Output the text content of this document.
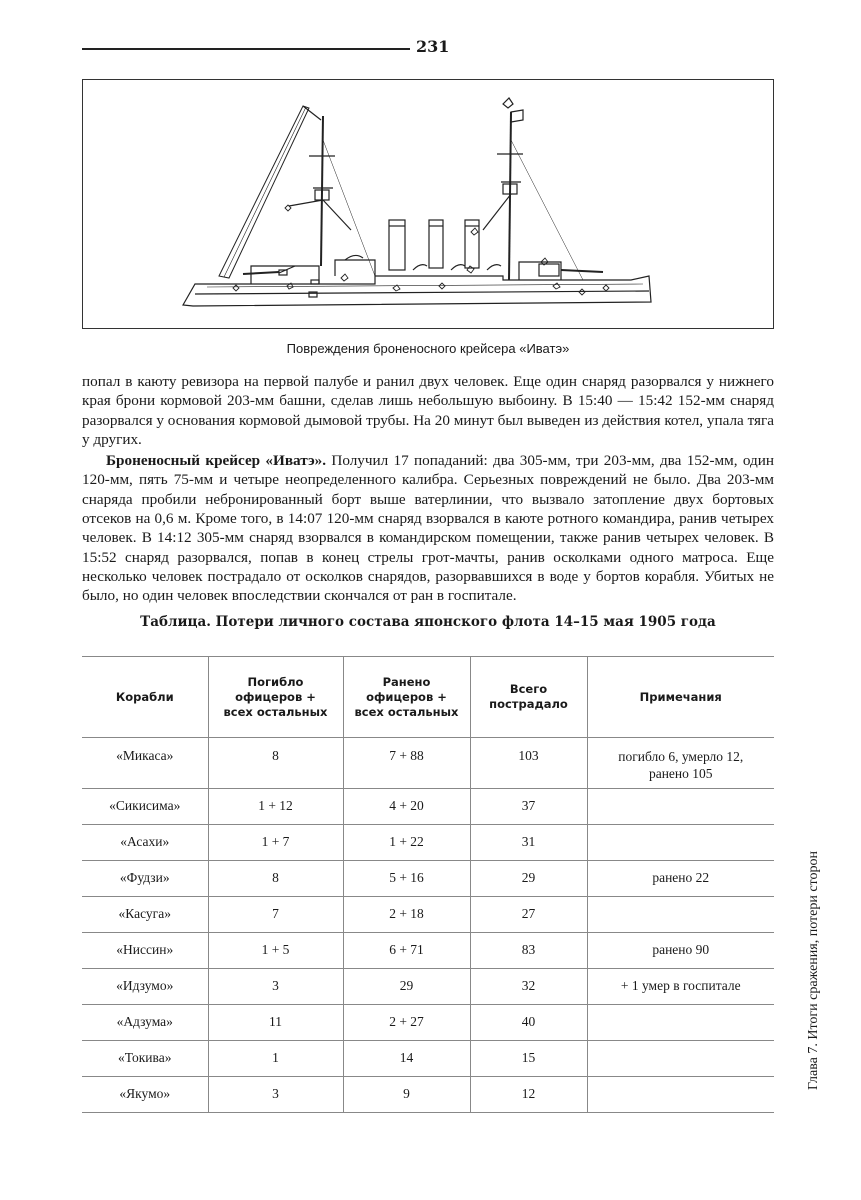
231
Повреждения броненосного крейсера «Иватэ»

попал в каюту ревизора на первой палубе и ранил двух человек. Еще один снаряд разорвался у нижнего края брони кормовой 203-мм башни, сделав лишь небольшую выбоину. В 15:40 — 15:42 152-мм снаряд разорвался у основания кормовой дымовой трубы. На 20 минут был выведен из действия котел, упала тяга у других.

Броненосный крейсер «Иватэ». Получил 17 попаданий: два 305-мм, три 203-мм, два 152-мм, один 120-мм, пять 75-мм и четыре неопределенного калибра. Серьезных повреждений не было. Два 203-мм снаряда пробили небронированный борт выше ватерлинии, что вызвало затопление двух бортовых отсеков на 0,6 м. Кроме того, в 14:07 120-мм снаряд взорвался в каюте ротного командира, ранив четырех человек. В 14:12 305-мм снаряд взорвался в командирском помещении, также ранив четырех человек. В 15:52 снаряд разорвался, попав в конец стрелы грот-мачты, ранив осколками одного матроса. Еще несколько человек пострадало от осколков снарядов, разорвавшихся в воде у бортов корабля. Убитых не было, но один человек впоследствии скончался от ран в госпитале.

Таблица. Потери личного состава японского флота 14–15 мая 1905 года
Корабли	Погибло
офицеров +
всех остальных	Ранено
офицеров +
всех остальных	Всего
пострадало	Примечания
«Микаса»	8	7 + 88	103	погибло 6, умерло 12,
ранено 105
«Сикисима»	1 + 12	4 + 20	37	
«Асахи»	1 + 7	1 + 22	31	
«Фудзи»	8	5 + 16	29	ранено 22
«Касуга»	7	2 + 18	27	
«Ниссин»	1 + 5	6 + 71	83	ранено 90
«Идзумо»	3	29	32	+ 1 умер в госпитале
«Адзума»	11	2 + 27	40	
«Токива»	1	14	15	
«Якумо»	3	9	12	
Глава 7. Итоги сражения, потери сторон
